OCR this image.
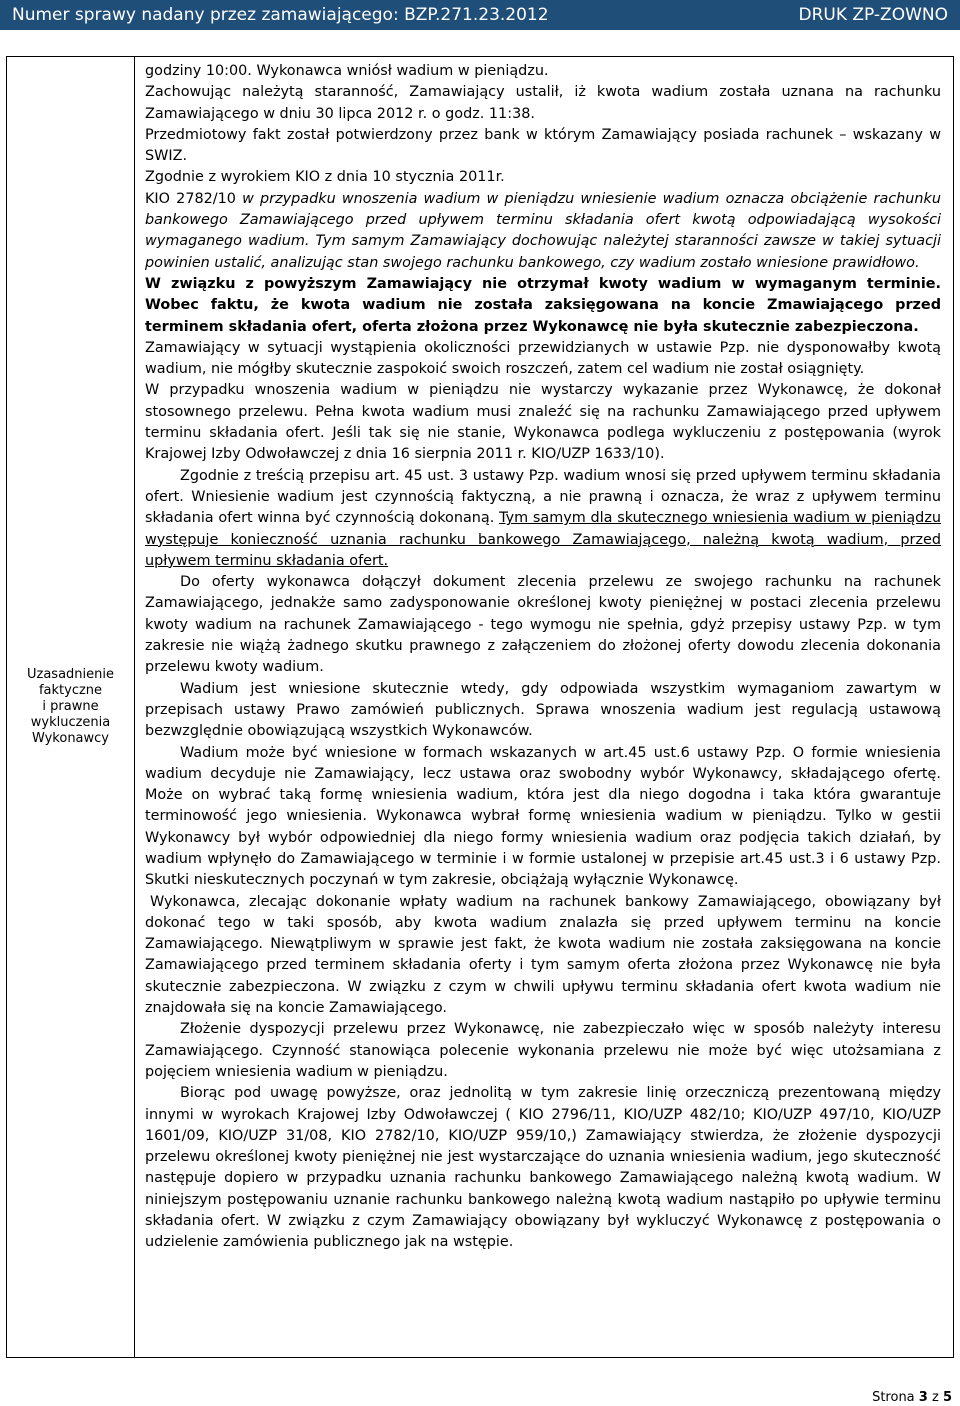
Numer sprawy nadany przez zamawiającego: BZP.271.23.2012	DRUK ZP-ZOWNO
Uzasadnienie
faktyczne
i prawne
wykluczenia
Wykonawcy

godziny 10:00. Wykonawca wniósł wadium w pieniądzu.

Zachowując należytą staranność, Zamawiający ustalił, iż kwota wadium została uznana na rachunku Zamawiającego w dniu 30 lipca 2012 r. o godz. 11:38.

Przedmiotowy fakt został potwierdzony przez bank w którym Zamawiający posiada rachunek – wskazany w SWIZ.

Zgodnie z wyrokiem KIO z dnia 10 stycznia 2011r.

KIO 2782/10 w przypadku wnoszenia wadium w pieniądzu wniesienie wadium oznacza obciążenie rachunku bankowego Zamawiającego przed upływem terminu składania ofert kwotą odpowiadającą wysokości wymaganego wadium. Tym samym Zamawiający dochowując należytej staranności zawsze w takiej sytuacji powinien ustalić, analizując stan swojego rachunku bankowego, czy wadium zostało wniesione prawidłowo.

W związku z powyższym Zamawiający nie otrzymał kwoty wadium w wymaganym terminie. Wobec faktu, że kwota wadium nie została zaksięgowana na koncie Zmawiającego przed terminem składania ofert, oferta złożona przez Wykonawcę nie była skutecznie zabezpieczona.

Zamawiający w sytuacji wystąpienia okoliczności przewidzianych w ustawie Pzp. nie dysponowałby kwotą wadium, nie mógłby skutecznie zaspokoić swoich roszczeń, zatem cel wadium nie został osiągnięty.

W przypadku wnoszenia wadium w pieniądzu nie wystarczy wykazanie przez Wykonawcę, że dokonał stosownego przelewu. Pełna kwota wadium musi znaleźć się na rachunku Zamawiającego przed upływem terminu składania ofert. Jeśli tak się nie stanie, Wykonawca podlega wykluczeniu z postępowania (wyrok Krajowej Izby Odwoławczej z dnia 16 sierpnia 2011 r. KIO/UZP 1633/10).

Zgodnie z treścią przepisu art. 45 ust. 3 ustawy Pzp. wadium wnosi się przed upływem terminu składania ofert. Wniesienie wadium jest czynnością faktyczną, a nie prawną i oznacza, że wraz z upływem terminu składania ofert winna być czynnością dokonaną. Tym samym dla skutecznego wniesienia wadium w pieniądzu występuje konieczność uznania rachunku bankowego Zamawiającego, należną kwotą wadium, przed upływem terminu składania ofert.

Do oferty wykonawca dołączył dokument zlecenia przelewu ze swojego rachunku na rachunek Zamawiającego, jednakże samo zadysponowanie określonej kwoty pieniężnej w postaci zlecenia przelewu kwoty wadium na rachunek Zamawiającego - tego wymogu nie spełnia, gdyż przepisy ustawy Pzp. w tym zakresie nie wiążą żadnego skutku prawnego z załączeniem do złożonej oferty dowodu zlecenia dokonania przelewu kwoty wadium.

Wadium jest wniesione skutecznie wtedy, gdy odpowiada wszystkim wymaganiom zawartym w przepisach ustawy Prawo zamówień publicznych. Sprawa wnoszenia wadium jest regulacją ustawową bezwzględnie obowiązującą wszystkich Wykonawców.

Wadium może być wniesione w formach wskazanych w art.45 ust.6 ustawy Pzp. O formie wniesienia wadium decyduje nie Zamawiający, lecz ustawa oraz swobodny wybór Wykonawcy, składającego ofertę. Może on wybrać taką formę wniesienia wadium, która jest dla niego dogodna i taka która gwarantuje terminowość jego wniesienia. Wykonawca wybrał formę wniesienia wadium w pieniądzu. Tylko w gestii Wykonawcy był wybór odpowiedniej dla niego formy wniesienia wadium oraz podjęcia takich działań, by wadium wpłynęło do Zamawiającego w terminie i w formie ustalonej w przepisie art.45 ust.3 i 6 ustawy Pzp. Skutki nieskutecznych poczynań w tym zakresie, obciążają wyłącznie Wykonawcę.

Wykonawca, zlecając dokonanie wpłaty wadium na rachunek bankowy Zamawiającego, obowiązany był dokonać tego w taki sposób, aby kwota wadium znalazła się przed upływem terminu na koncie Zamawiającego. Niewątpliwym w sprawie jest fakt, że kwota wadium nie została zaksięgowana na koncie Zamawiającego przed terminem składania oferty i tym samym oferta złożona przez Wykonawcę nie była skutecznie zabezpieczona. W związku z czym w chwili upływu terminu składania ofert kwota wadium nie znajdowała się na koncie Zamawiającego.

Złożenie dyspozycji przelewu przez Wykonawcę, nie zabezpieczało więc w sposób należyty interesu Zamawiającego. Czynność stanowiąca polecenie wykonania przelewu nie może być więc utożsamiana z pojęciem wniesienia wadium w pieniądzu.

Biorąc pod uwagę powyższe, oraz jednolitą w tym zakresie linię orzeczniczą prezentowaną między innymi w wyrokach Krajowej Izby Odwoławczej ( KIO 2796/11, KIO/UZP 482/10; KIO/UZP 497/10, KIO/UZP 1601/09, KIO/UZP 31/08, KIO 2782/10, KIO/UZP 959/10,) Zamawiający stwierdza, że złożenie dyspozycji przelewu określonej kwoty pieniężnej nie jest wystarczające do uznania wniesienia wadium, jego skuteczność następuje dopiero w przypadku uznania rachunku bankowego Zamawiającego należną kwotą wadium. W niniejszym postępowaniu uznanie rachunku bankowego należną kwotą wadium nastąpiło po upływie terminu składania ofert. W związku z czym Zamawiający obowiązany był wykluczyć Wykonawcę z postępowania o udzielenie zamówienia publicznego jak na wstępie.

Strona 3 z 5
